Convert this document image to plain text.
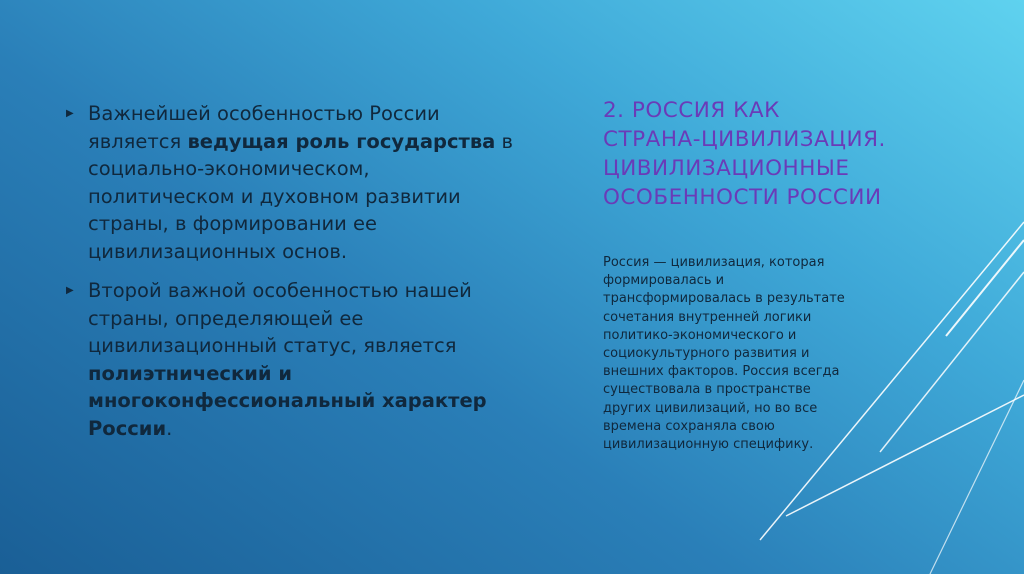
▶ Важнейшей особенностью России является ведущая роль государства в социально-экономическом, политическом и духовном развитии страны, в формировании ее цивилизационных основ.
▶ Второй важной особенностью нашей страны, определяющей ее цивилизационный статус, является полиэтнический и многоконфессиональный характер России.
2. РОССИЯ КАК
СТРАНА-ЦИВИЛИЗАЦИЯ.
ЦИВИЛИЗАЦИОННЫЕ
ОСОБЕННОСТИ РОССИИ
Россия — цивилизация, которая
формировалась и
трансформировалась в результате
сочетания внутренней логики
политико-экономического и
социокультурного развития и
внешних факторов. Россия всегда
существовала в пространстве
других цивилизаций, но во все
времена сохраняла свою
цивилизационную специфику.
